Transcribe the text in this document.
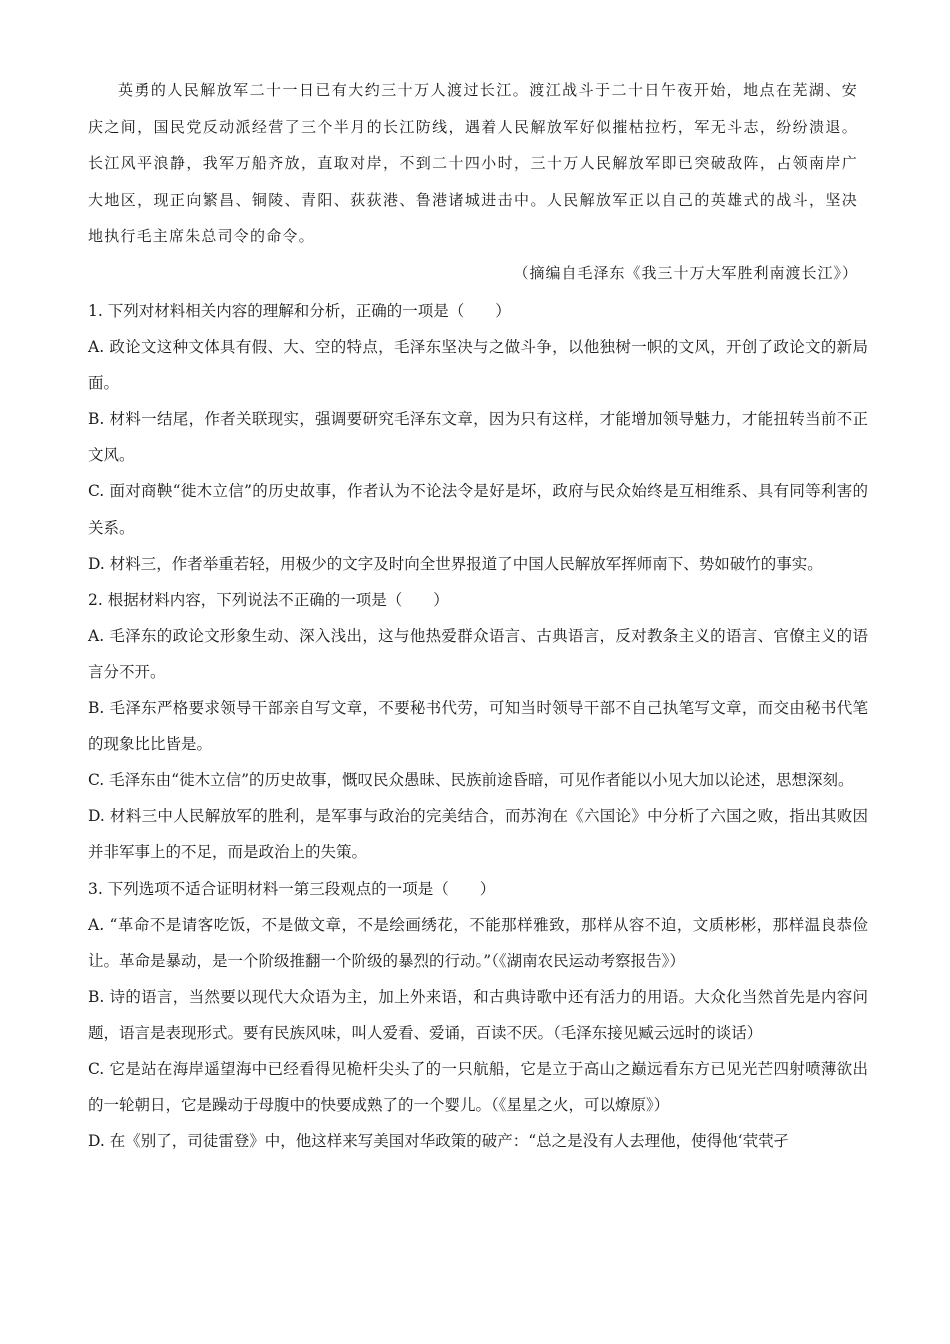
英勇的人民解放军二十一日已有大约三十万人渡过长江。渡江战斗于二十日午夜开始，地点在芜湖、安庆之间，国民党反动派经营了三个半月的长江防线，遇着人民解放军好似摧枯拉朽，军无斗志，纷纷溃退。长江风平浪静，我军万船齐放，直取对岸，不到二十四小时，三十万人民解放军即已突破敌阵，占领南岸广大地区，现正向繁昌、铜陵、青阳、荻荻港、鲁港诸城进击中。人民解放军正以自己的英雄式的战斗，坚决地执行毛主席朱总司令的命令。
（摘编自毛泽东《我三十万大军胜利南渡长江》）

1. 下列对材料相关内容的理解和分析，正确的一项是（　　）

A. 政论文这种文体具有假、大、空的特点，毛泽东坚决与之做斗争，以他独树一帜的文风，开创了政论文的新局面。

B. 材料一结尾，作者关联现实，强调要研究毛泽东文章，因为只有这样，才能增加领导魅力，才能扭转当前不正文风。

C. 面对商鞅“徙木立信”的历史故事，作者认为不论法令是好是坏，政府与民众始终是互相维系、具有同等利害的关系。

D. 材料三，作者举重若轻，用极少的文字及时向全世界报道了中国人民解放军挥师南下、势如破竹的事实。

2. 根据材料内容，下列说法不正确的一项是（　　）

A. 毛泽东的政论文形象生动、深入浅出，这与他热爱群众语言、古典语言，反对教条主义的语言、官僚主义的语言分不开。

B. 毛泽东严格要求领导干部亲自写文章，不要秘书代劳，可知当时领导干部不自己执笔写文章，而交由秘书代笔的现象比比皆是。

C. 毛泽东由“徙木立信”的历史故事，慨叹民众愚昧、民族前途昏暗，可见作者能以小见大加以论述，思想深刻。

D. 材料三中人民解放军的胜利，是军事与政治的完美结合，而苏洵在《六国论》中分析了六国之败，指出其败因并非军事上的不足，而是政治上的失策。

3. 下列选项不适合证明材料一第三段观点的一项是（　　）

A. “革命不是请客吃饭，不是做文章，不是绘画绣花，不能那样雅致，那样从容不迫，文质彬彬，那样温良恭俭让。革命是暴动，是一个阶级推翻一个阶级的暴烈的行动。”（《湖南农民运动考察报告》）

B. 诗的语言，当然要以现代大众语为主，加上外来语，和古典诗歌中还有活力的用语。大众化当然首先是内容问题，语言是表现形式。要有民族风味，叫人爱看、爱诵，百读不厌。（毛泽东接见臧云远时的谈话）

C. 它是站在海岸遥望海中已经看得见桅杆尖头了的一只航船，它是立于高山之巅远看东方已见光芒四射喷薄欲出的一轮朝日，它是躁动于母腹中的快要成熟了的一个婴儿。（《星星之火，可以燎原》）

D. 在《别了，司徒雷登》中，他这样来写美国对华政策的破产：“总之是没有人去理他，使得他‘茕茕孑
